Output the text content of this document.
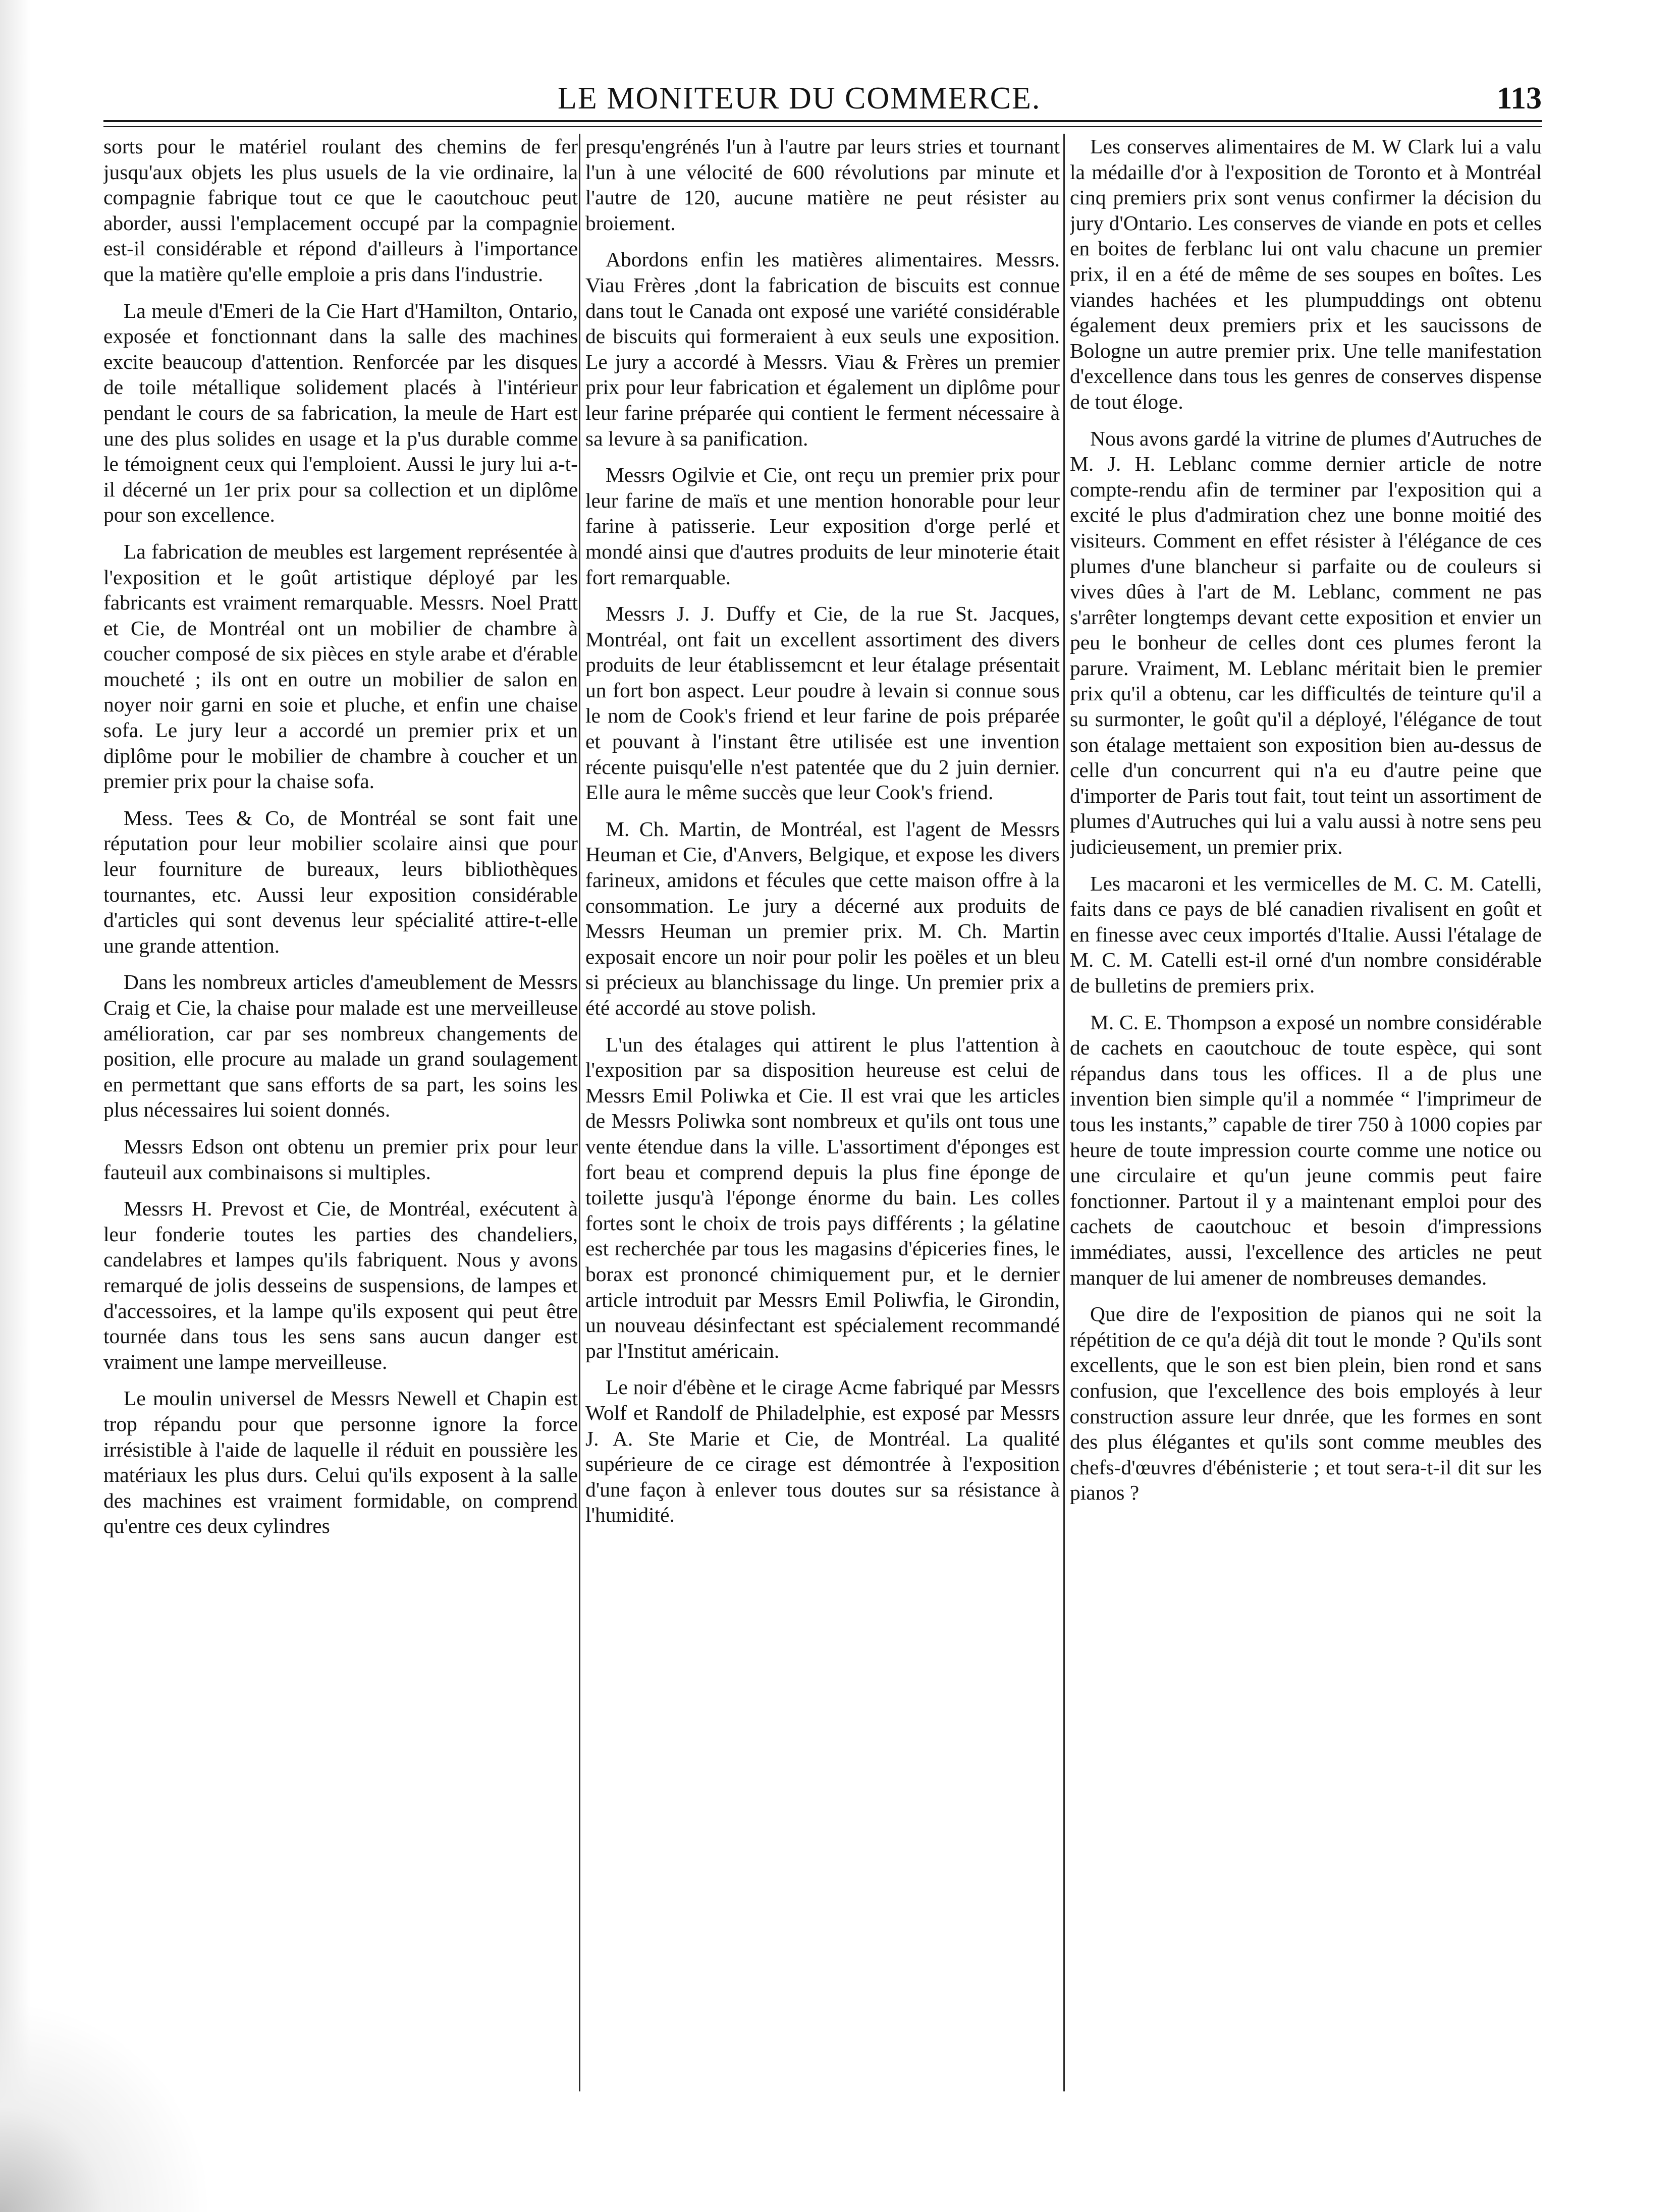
LE MONITEUR DU COMMERCE.	113

sorts pour le matériel roulant des chemins de fer jusqu'aux objets les plus usuels de la vie ordinaire, la compagnie fabrique tout ce que le caoutchouc peut aborder, aussi l'emplacement occupé par la compagnie est-il considérable et répond d'ailleurs à l'importance que la matière qu'elle emploie a pris dans l'industrie.

La meule d'Emeri de la Cie Hart d'Hamilton, Ontario, exposée et fonctionnant dans la salle des machines excite beaucoup d'attention. Renforcée par les disques de toile métallique solidement placés à l'intérieur pendant le cours de sa fabrication, la meule de Hart est une des plus solides en usage et la p'us durable comme le témoignent ceux qui l'emploient. Aussi le jury lui a-t-il décerné un 1er prix pour sa collection et un diplôme pour son excellence.

La fabrication de meubles est largement représentée à l'exposition et le goût artistique déployé par les fabricants est vraiment remarquable. Messrs. Noel Pratt et Cie, de Montréal ont un mobilier de chambre à coucher composé de six pièces en style arabe et d'érable moucheté ; ils ont en outre un mobilier de salon en noyer noir garni en soie et pluche, et enfin une chaise sofa. Le jury leur a accordé un premier prix et un diplôme pour le mobilier de chambre à coucher et un premier prix pour la chaise sofa.

Mess. Tees & Co, de Montréal se sont fait une réputation pour leur mobilier scolaire ainsi que pour leur fourniture de bureaux, leurs bibliothèques tournantes, etc. Aussi leur exposition considérable d'articles qui sont devenus leur spécialité attire-t-elle une grande attention.

Dans les nombreux articles d'ameublement de Messrs Craig et Cie, la chaise pour malade est une merveilleuse amélioration, car par ses nombreux changements de position, elle procure au malade un grand soulagement en permettant que sans efforts de sa part, les soins les plus nécessaires lui soient donnés.

Messrs Edson ont obtenu un premier prix pour leur fauteuil aux combinaisons si multiples.

Messrs H. Prevost et Cie, de Montréal, exécutent à leur fonderie toutes les parties des chandeliers, candelabres et lampes qu'ils fabriquent. Nous y avons remarqué de jolis desseins de suspensions, de lampes et d'accessoires, et la lampe qu'ils exposent qui peut être tournée dans tous les sens sans aucun danger est vraiment une lampe merveilleuse.

Le moulin universel de Messrs Newell et Chapin est trop répandu pour que personne ignore la force irrésistible à l'aide de laquelle il réduit en poussière les matériaux les plus durs. Celui qu'ils exposent à la salle des machines est vraiment formidable, on comprend qu'entre ces deux cylindres

presqu'engrénés l'un à l'autre par leurs stries et tournant l'un à une vélocité de 600 révolutions par minute et l'autre de 120, aucune matière ne peut résister au broiement.

Abordons enfin les matières alimentaires. Messrs. Viau Frères ,dont la fabrication de biscuits est connue dans tout le Canada ont exposé une variété considérable de biscuits qui formeraient à eux seuls une exposition. Le jury a accordé à Messrs. Viau & Frères un premier prix pour leur fabrication et également un diplôme pour leur farine préparée qui contient le ferment nécessaire à sa levure à sa panification.

Messrs Ogilvie et Cie, ont reçu un premier prix pour leur farine de maïs et une mention honorable pour leur farine à patisserie. Leur exposition d'orge perlé et mondé ainsi que d'autres produits de leur minoterie était fort remarquable.

Messrs J. J. Duffy et Cie, de la rue St. Jacques, Montréal, ont fait un excellent assortiment des divers produits de leur établissemcnt et leur étalage présentait un fort bon aspect. Leur poudre à levain si connue sous le nom de Cook's friend et leur farine de pois préparée et pouvant à l'instant être utilisée est une invention récente puisqu'elle n'est patentée que du 2 juin dernier. Elle aura le même succès que leur Cook's friend.

M. Ch. Martin, de Montréal, est l'agent de Messrs Heuman et Cie, d'Anvers, Belgique, et expose les divers farineux, amidons et fécules que cette maison offre à la consommation. Le jury a décerné aux produits de Messrs Heuman un premier prix. M. Ch. Martin exposait encore un noir pour polir les poëles et un bleu si précieux au blanchissage du linge. Un premier prix a été accordé au stove polish.

L'un des étalages qui attirent le plus l'attention à l'exposition par sa disposition heureuse est celui de Messrs Emil Poliwka et Cie. Il est vrai que les articles de Messrs Poliwka sont nombreux et qu'ils ont tous une vente étendue dans la ville. L'assortiment d'éponges est fort beau et comprend depuis la plus fine éponge de toilette jusqu'à l'éponge énorme du bain. Les colles fortes sont le choix de trois pays différents ; la gélatine est recherchée par tous les magasins d'épiceries fines, le borax est prononcé chimiquement pur, et le dernier article introduit par Messrs Emil Poliwfia, le Girondin, un nouveau désinfectant est spécialement recommandé par l'Institut américain.

Le noir d'ébène et le cirage Acme fabriqué par Messrs Wolf et Randolf de Philadelphie, est exposé par Messrs J. A. Ste Marie et Cie, de Montréal. La qualité supérieure de ce cirage est démontrée à l'exposition d'une façon à enlever tous doutes sur sa résistance à l'humidité.

Les conserves alimentaires de M. W Clark lui a valu la médaille d'or à l'exposition de Toronto et à Montréal cinq premiers prix sont venus confirmer la décision du jury d'Ontario. Les conserves de viande en pots et celles en boites de ferblanc lui ont valu chacune un premier prix, il en a été de même de ses soupes en boîtes. Les viandes hachées et les plumpuddings ont obtenu également deux premiers prix et les saucissons de Bologne un autre premier prix. Une telle manifestation d'excellence dans tous les genres de conserves dispense de tout éloge.

Nous avons gardé la vitrine de plumes d'Autruches de M. J. H. Leblanc comme dernier article de notre compte-rendu afin de terminer par l'exposition qui a excité le plus d'admiration chez une bonne moitié des visiteurs. Comment en effet résister à l'élégance de ces plumes d'une blancheur si parfaite ou de couleurs si vives dûes à l'art de M. Leblanc, comment ne pas s'arrêter longtemps devant cette exposition et envier un peu le bonheur de celles dont ces plumes feront la parure. Vraiment, M. Leblanc méritait bien le premier prix qu'il a obtenu, car les difficultés de teinture qu'il a su surmonter, le goût qu'il a déployé, l'élégance de tout son étalage mettaient son exposition bien au-dessus de celle d'un concurrent qui n'a eu d'autre peine que d'importer de Paris tout fait, tout teint un assortiment de plumes d'Autruches qui lui a valu aussi à notre sens peu judicieusement, un premier prix.

Les macaroni et les vermicelles de M. C. M. Catelli, faits dans ce pays de blé canadien rivalisent en goût et en finesse avec ceux importés d'Italie. Aussi l'étalage de M. C. M. Catelli est-il orné d'un nombre considérable de bulletins de premiers prix.

M. C. E. Thompson a exposé un nombre considérable de cachets en caoutchouc de toute espèce, qui sont répandus dans tous les offices. Il a de plus une invention bien simple qu'il a nommée “ l'imprimeur de tous les instants,” capable de tirer 750 à 1000 copies par heure de toute impression courte comme une notice ou une circulaire et qu'un jeune commis peut faire fonctionner. Partout il y a maintenant emploi pour des cachets de caoutchouc et besoin d'impressions immédiates, aussi, l'excellence des articles ne peut manquer de lui amener de nombreuses demandes.

Que dire de l'exposition de pianos qui ne soit la répétition de ce qu'a déjà dit tout le monde ? Qu'ils sont excellents, que le son est bien plein, bien rond et sans confusion, que l'excellence des bois employés à leur construction assure leur dnrée, que les formes en sont des plus élégantes et qu'ils sont comme meubles des chefs-d'œuvres d'ébénisterie ; et tout sera-t-il dit sur les pianos ?
